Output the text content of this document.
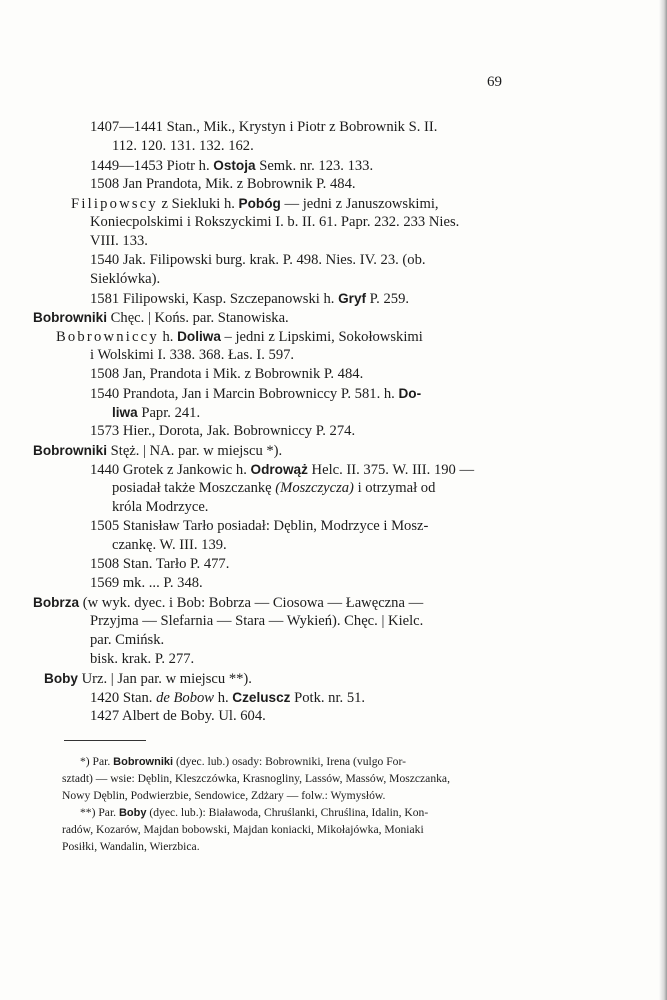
69
1407—1441 Stan., Mik., Krystyn i Piotr z Bobrownik S. II.
112. 120. 131. 132. 162.
1449—1453 Piotr h. Ostoja Semk. nr. 123. 133.
1508 Jan Prandota, Mik. z Bobrownik P. 484.
Filipowscy z Siekluki h. Pobóg — jedni z Januszowskimi,
Koniecpolskimi i Rokszyckimi I. b. II. 61. Papr. 232. 233 Nies.
VIII. 133.
1540 Jak. Filipowski burg. krak. P. 498. Nies. IV. 23. (ob.
Sieklówka).
1581 Filipowski, Kasp. Szczepanowski h. Gryf P. 259.
Bobrowniki Chęc. | Końs. par. Stanowiska.
Bobrowniccy h. Doliwa – jedni z Lipskimi, Sokołowskimi
i Wolskimi I. 338. 368. Łas. I. 597.
1508 Jan, Prandota i Mik. z Bobrownik P. 484.
1540 Prandota, Jan i Marcin Bobrowniccy P. 581. h. Do-
liwa Papr. 241.
1573 Hier., Dorota, Jak. Bobrowniccy P. 274.
Bobrowniki Stęż. | NA. par. w miejscu *).
1440 Grotek z Jankowic h. Odrowąż Helc. II. 375. W. III. 190 —
posiadał także Moszczankę (Moszczycza) i otrzymał od
króla Modrzyce.
1505 Stanisław Tarło posiadał: Dęblin, Modrzyce i Mosz-
czankę. W. III. 139.
1508 Stan. Tarło P. 477.
1569 mk. ... P. 348.
Bobrza (w wyk. dyec. i Bob: Bobrza — Ciosowa — Ławęczna —
Przyjma — Slefarnia — Stara — Wykień). Chęc. | Kielc.
par. Cmińsk.
bisk. krak. P. 277.
Boby Urz. | Jan par. w miejscu **).
1420 Stan. de Bobow h. Czeluscz Potk. nr. 51.
1427 Albert de Boby. Ul. 604.
*) Par. Bobrowniki (dyec. lub.) osady: Bobrowniki, Irena (vulgo For-
sztadt) — wsie: Dęblin, Kleszczówka, Krasnogliny, Lassów, Massów, Moszczanka,
Nowy Dęblin, Podwierzbie, Sendowice, Zdżary — folw.: Wymysłów.
**) Par. Boby (dyec. lub.): Białawoda, Chruślanki, Chruślina, Idalin, Kon-
radów, Kozarów, Majdan bobowski, Majdan koniacki, Mikołajówka, Moniaki
Posiłki, Wandalin, Wierzbica.
